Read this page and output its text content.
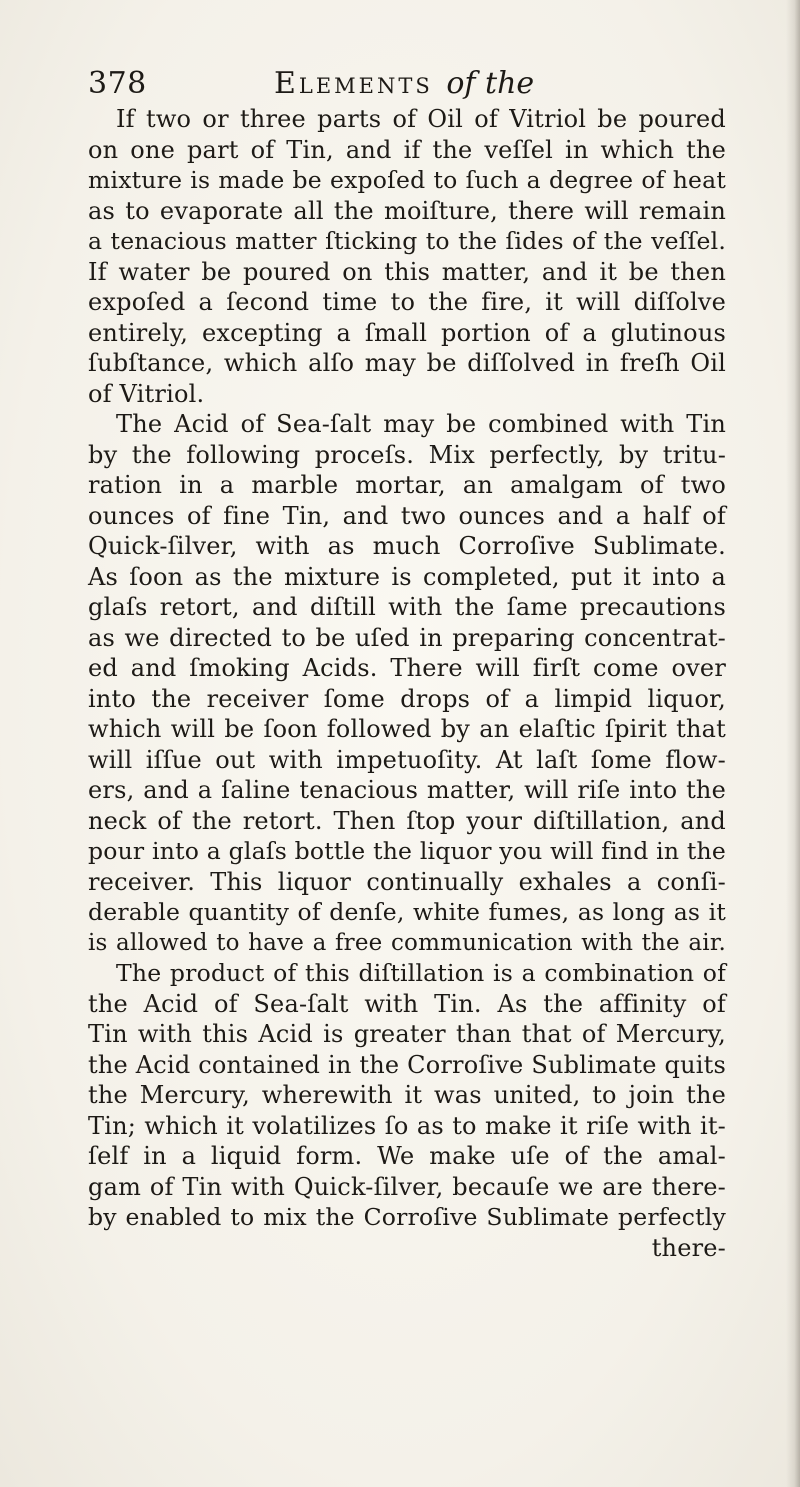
378	Elements of the
If two or three parts of Oil of Vitriol be poured
on one part of Tin, and if the veſſel in which the
mixture is made be expoſed to ſuch a degree of heat
as to evaporate all the moiſture, there will remain
a tenacious matter ſticking to the ſides of the veſſel.
If water be poured on this matter, and it be then
expoſed a ſecond time to the fire, it will diſſolve
entirely, excepting a ſmall portion of a glutinous
ſubſtance, which alſo may be diſſolved in freſh Oil
of Vitriol.
The Acid of Sea-ſalt may be combined with Tin
by the following proceſs. Mix perfectly, by tritu-
ration in a marble mortar, an amalgam of two
ounces of fine Tin, and two ounces and a half of
Quick-ſilver, with as much Corroſive Sublimate.
As ſoon as the mixture is completed, put it into a
glaſs retort, and diſtill with the ſame precautions
as we directed to be uſed in preparing concentrat-
ed and ſmoking Acids. There will firſt come over
into the receiver ſome drops of a limpid liquor,
which will be ſoon followed by an elaſtic ſpirit that
will iſſue out with impetuoſity. At laſt ſome flow-
ers, and a ſaline tenacious matter, will riſe into the
neck of the retort. Then ſtop your diſtillation, and
pour into a glaſs bottle the liquor you will find in the
receiver. This liquor continually exhales a conſi-
derable quantity of denſe, white fumes, as long as it
is allowed to have a free communication with the air.
The product of this diſtillation is a combination of
the Acid of Sea-ſalt with Tin. As the affinity of
Tin with this Acid is greater than that of Mercury,
the Acid contained in the Corroſive Sublimate quits
the Mercury, wherewith it was united, to join the
Tin; which it volatilizes ſo as to make it riſe with it-
ſelf in a liquid form. We make uſe of the amal-
gam of Tin with Quick-ſilver, becauſe we are there-
by enabled to mix the Corroſive Sublimate perfectly
there-
